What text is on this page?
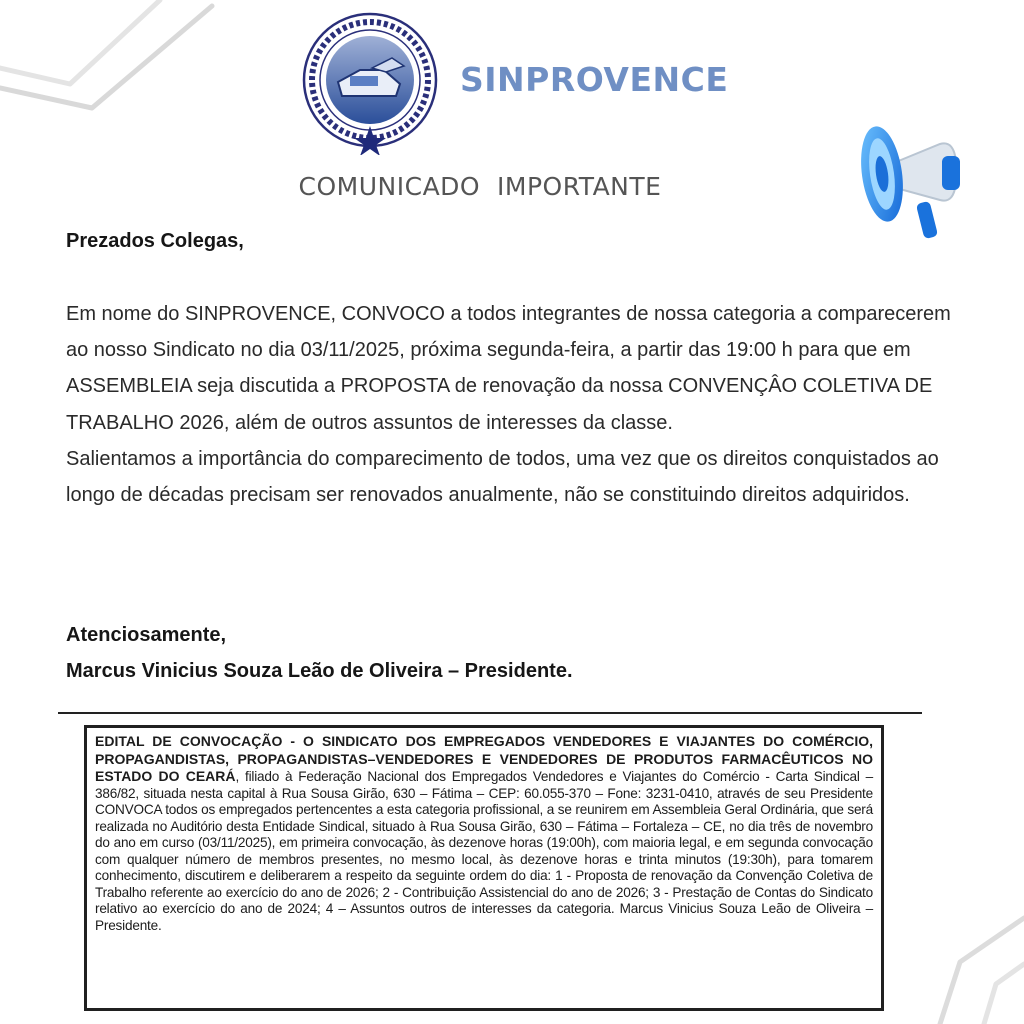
SINPROVENCE
COMUNICADO  IMPORTANTE
Prezados Colegas,

Em nome do SINPROVENCE, CONVOCO a todos integrantes de nossa categoria a comparecerem ao nosso Sindicato no dia 03/11/2025, próxima segunda-feira, a partir das 19:00 h para que em ASSEMBLEIA seja discutida a PROPOSTA de renovação da nossa CONVENÇÂO COLETIVA DE TRABALHO 2026, além de outros assuntos de interesses da classe.

Salientamos a importância do comparecimento de todos, uma vez que os direitos conquistados ao longo de décadas precisam ser renovados anualmente, não se constituindo direitos adquiridos.

Atenciosamente,
Marcus Vinicius Souza Leão de Oliveira – Presidente.
EDITAL DE CONVOCAÇÃO - O SINDICATO DOS EMPREGADOS VENDEDORES E VIAJANTES DO COMÉRCIO, PROPAGANDISTAS, PROPAGANDISTAS–VENDEDORES E VENDEDORES DE PRODUTOS FARMACÊUTICOS NO ESTADO DO CEARÁ, filiado à Federação Nacional dos Empregados Vendedores e Viajantes do Comércio - Carta Sindical – 386/82, situada nesta capital à Rua Sousa Girão, 630 – Fátima – CEP: 60.055-370 – Fone: 3231-0410, através de seu Presidente CONVOCA todos os empregados pertencentes a esta categoria profissional, a se reunirem em Assembleia Geral Ordinária, que será realizada no Auditório desta Entidade Sindical, situado à Rua Sousa Girão, 630 – Fátima – Fortaleza – CE, no dia três de novembro do ano em curso (03/11/2025), em primeira convocação, às dezenove horas (19:00h), com maioria legal, e em segunda convocação com qualquer número de membros presentes, no mesmo local, às dezenove horas e trinta minutos (19:30h), para tomarem conhecimento, discutirem e deliberarem a respeito da seguinte ordem do dia: 1 - Proposta de renovação da Convenção Coletiva de Trabalho referente ao exercício do ano de 2026; 2 - Contribuição Assistencial do ano de 2026; 3 - Prestação de Contas do Sindicato relativo ao exercício do ano de 2024; 4 – Assuntos outros de interesses da categoria. Marcus Vinicius Souza Leão de Oliveira – Presidente.
